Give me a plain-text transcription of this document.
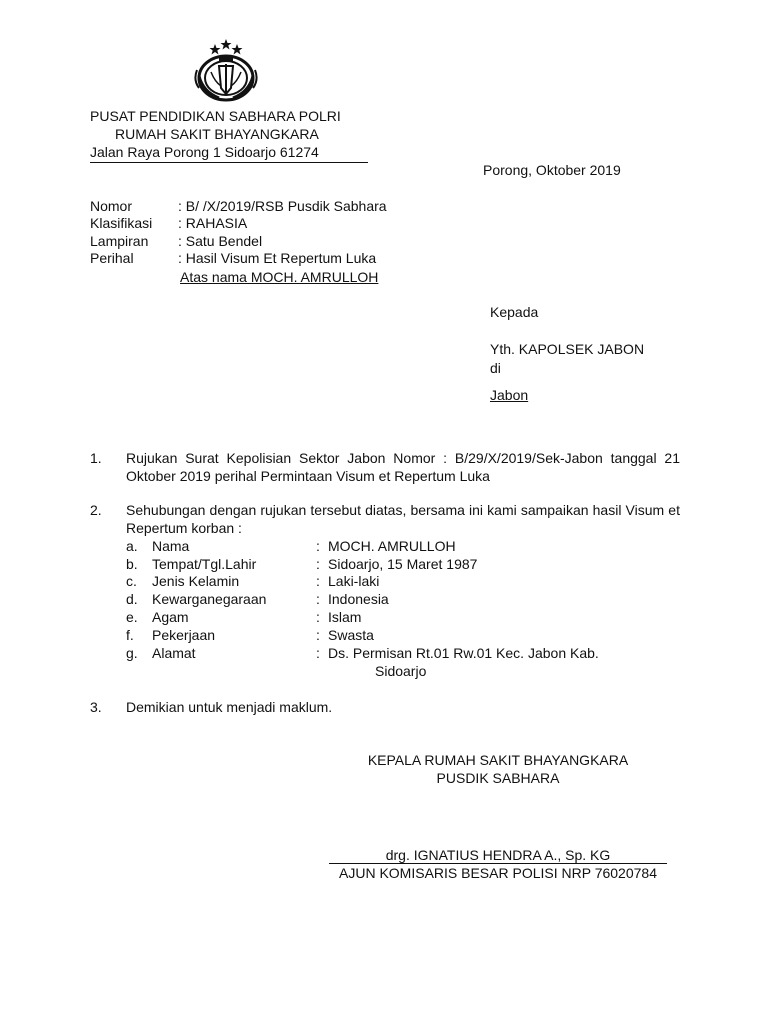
PUSAT PENDIDIKAN SABHARA POLRI
RUMAH SAKIT BHAYANGKARA
Jalan Raya Porong 1 Sidoarjo 61274
Porong, Oktober 2019
Nomor	: B/ /X/2019/RSB Pusdik Sabhara
Klasifikasi : RAHASIA
Lampiran : Satu Bendel
Perihal	: Hasil Visum Et Repertum Luka
Atas nama MOCH. AMRULLOH
Kepada
Yth. KAPOLSEK JABON
di
Jabon
1. Rujukan Surat Kepolisian Sektor Jabon Nomor : B/29/X/2019/Sek-Jabon tanggal 21 Oktober 2019 perihal Permintaan Visum et Repertum Luka
2. Sehubungan dengan rujukan tersebut diatas, bersama ini kami sampaikan hasil Visum et Repertum korban :
a. Nama	: MOCH. AMRULLOH
b. Tempat/Tgl.Lahir	: Sidoarjo, 15 Maret 1987
c. Jenis Kelamin	: Laki-laki
d. Kewarganegaraan	: Indonesia
e. Agam	: Islam
f. Pekerjaan	: Swasta
g. Alamat	: Ds. Permisan Rt.01 Rw.01 Kec. Jabon Kab.
Sidoarjo
3. Demikian untuk menjadi maklum.
KEPALA RUMAH SAKIT BHAYANGKARA
PUSDIK SABHARA
drg. IGNATIUS HENDRA A., Sp. KG
AJUN KOMISARIS BESAR POLISI NRP 76020784
